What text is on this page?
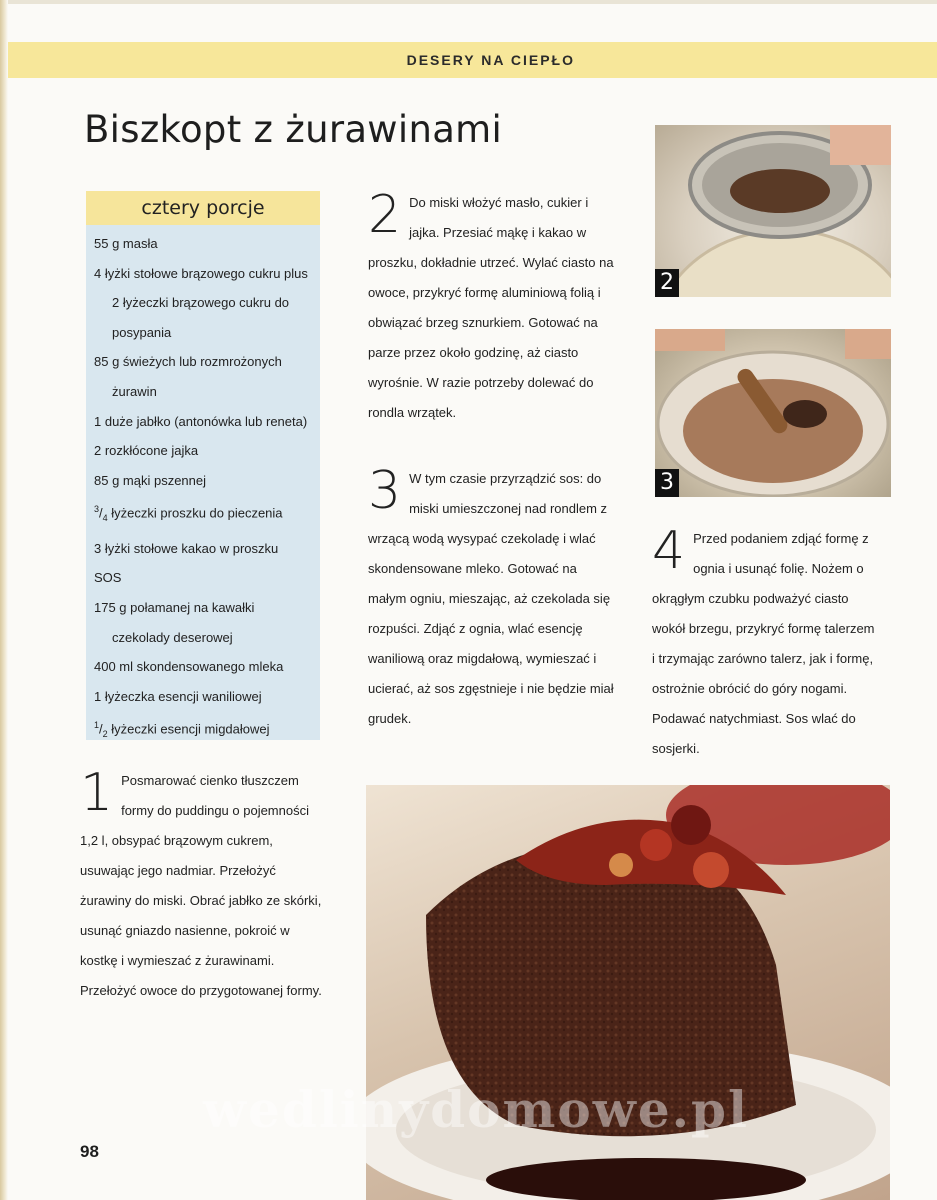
DESERY NA CIEPŁO
Biszkopt z żurawinami
cztery porcje
55 g masła
4 łyżki stołowe brązowego cukru plus 2 łyżeczki brązowego cukru do posypania
85 g świeżych lub rozmrożonych żurawin
1 duże jabłko (antonówka lub reneta)
2 rozkłócone jajka
85 g mąki pszennej
$^3/_4$ łyżeczki proszku do pieczenia
3 łyżki stołowe kakao w proszku
SOS
175 g połamanej na kawałki czekolady deserowej
400 ml skondensowanego mleka
1 łyżeczka esencji waniliowej
$^1/_2$ łyżeczki esencji migdałowej
1 Posmarować cienko tłuszczem formy do puddingu o pojemności 1,2 l, obsypać brązowym cukrem, usuwając jego nadmiar. Przełożyć żurawiny do miski. Obrać jabłko ze skórki, usunąć gniazdo nasienne, pokroić w kostkę i wymieszać z żurawinami. Przełożyć owoce do przygotowanej formy.
2 Do miski włożyć masło, cukier i jajka. Przesiać mąkę i kakao w proszku, dokładnie utrzeć. Wylać ciasto na owoce, przykryć formę aluminiową folią i obwiązać brzeg sznurkiem. Gotować na parze przez około godzinę, aż ciasto wyrośnie. W razie potrzeby dolewać do rondla wrzątek.
3 W tym czasie przyrządzić sos: do miski umieszczonej nad rondlem z wrzącą wodą wysypać czekoladę i wlać skondensowane mleko. Gotować na małym ogniu, mieszając, aż czekolada się rozpuści. Zdjąć z ognia, wlać esencję waniliową oraz migdałową, wymieszać i ucierać, aż sos zgęstnieje i nie będzie miał grudek.
4 Przed podaniem zdjąć formę z ognia i usunąć folię. Nożem o okrągłym czubku podważyć ciasto wokół brzegu, przykryć formę talerzem i trzymając zarówno talerz, jak i formę, ostrożnie obrócić do góry nogami. Podawać natychmiast. Sos wlać do sosjerki.
2
3
wedlinydomowe.pl
98
